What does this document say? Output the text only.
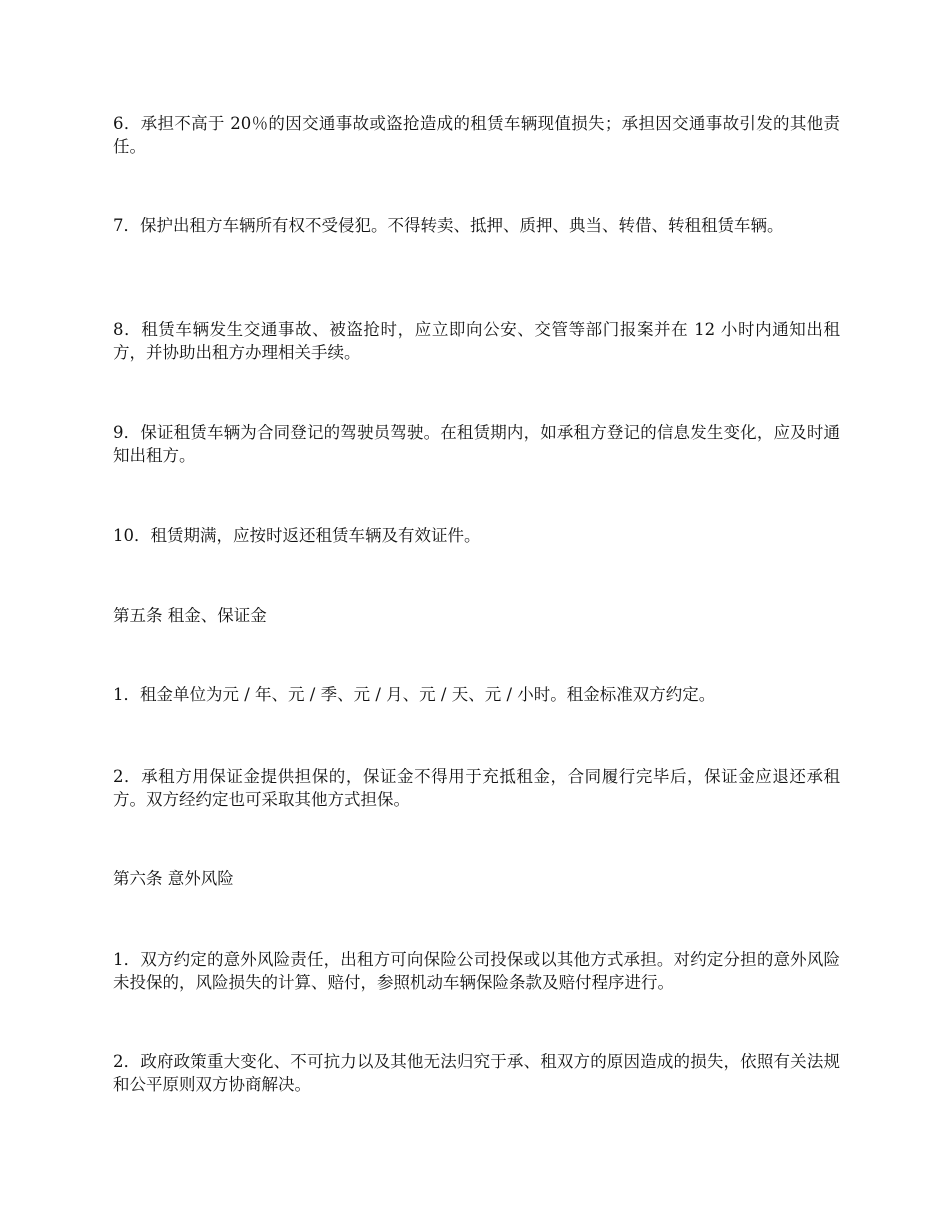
6．承担不高于 20％的因交通事故或盗抢造成的租赁车辆现值损失；承担因交通事故引发的其他责任。

7．保护出租方车辆所有权不受侵犯。不得转卖、抵押、质押、典当、转借、转租租赁车辆。

8．租赁车辆发生交通事故、被盗抢时，应立即向公安、交管等部门报案并在 12 小时内通知出租方，并协助出租方办理相关手续。

9．保证租赁车辆为合同登记的驾驶员驾驶。在租赁期内，如承租方登记的信息发生变化，应及时通知出租方。

10．租赁期满，应按时返还租赁车辆及有效证件。

第五条 租金、保证金

1．租金单位为元 / 年、元 / 季、元 / 月、元 / 天、元 / 小时。租金标准双方约定。

2．承租方用保证金提供担保的，保证金不得用于充抵租金，合同履行完毕后，保证金应退还承租方。双方经约定也可采取其他方式担保。

第六条 意外风险

1．双方约定的意外风险责任，出租方可向保险公司投保或以其他方式承担。对约定分担的意外风险未投保的，风险损失的计算、赔付，参照机动车辆保险条款及赔付程序进行。

2．政府政策重大变化、不可抗力以及其他无法归究于承、租双方的原因造成的损失，依照有关法规和公平原则双方协商解决。
